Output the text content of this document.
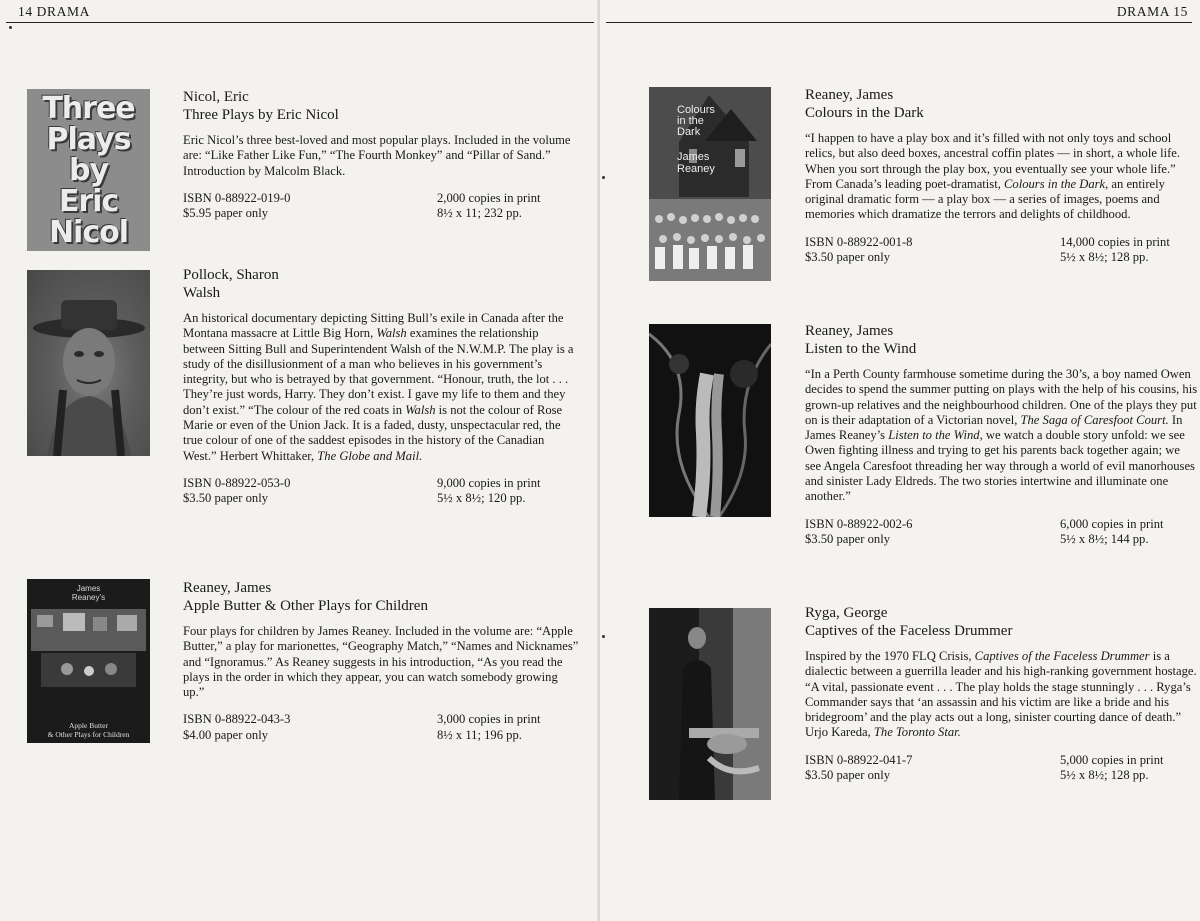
14 DRAMA
Three
Plays
by
Eric
Nicol

Nicol, Eric

Three Plays by Eric Nicol

Eric Nicol’s three best-loved and most popular plays. Included in the volume are: “Like Father Like Fun,” “The Fourth Monkey” and “Pillar of Sand.” Introduction by Malcolm Black.

ISBN 0-88922-019-0
$5.95 paper only
2,000 copies in print
8½ x 11; 232 pp.

Pollock, Sharon

Walsh

An historical documentary depicting Sitting Bull’s exile in Canada after the Montana massacre at Little Big Horn, Walsh examines the relationship between Sitting Bull and Superintendent Walsh of the N.W.M.P. The play is a study of the disillusionment of a man who believes in his government’s integrity, but who is betrayed by that government. “Honour, truth, the lot . . . They’re just words, Harry. They don’t exist. I gave my life to them and they don’t exist.” “The colour of the red coats in Walsh is not the colour of Rose Marie or even of the Union Jack. It is a faded, dusty, unspectacular red, the true colour of one of the saddest episodes in the history of the Canadian West.” Herbert Whittaker, The Globe and Mail.

ISBN 0-88922-053-0
$3.50 paper only
9,000 copies in print
5½ x 8½; 120 pp.
James
Reaney’s
Apple Butter
& Other Plays for Children

Reaney, James

Apple Butter & Other Plays for Children

Four plays for children by James Reaney. Included in the volume are: “Apple Butter,” a play for marionettes, “Geography Match,” “Names and Nicknames” and “Ignoramus.” As Reaney suggests in his introduction, “As you read the plays in the order in which they appear, you can watch somebody growing up.”

ISBN 0-88922-043-3
$4.00 paper only
3,000 copies in print
8½ x 11; 196 pp.
DRAMA 15
Colours
in the
Dark
James
Reaney

Reaney, James

Colours in the Dark

“I happen to have a play box and it’s filled with not only toys and school relics, but also deed boxes, ancestral coffin plates — in short, a whole life. When you sort through the play box, you eventually see your whole life.” From Canada’s leading poet-dramatist, Colours in the Dark, an entirely original dramatic form — a play box — a series of images, poems and memories which dramatize the terrors and delights of childhood.

ISBN 0-88922-001-8
$3.50 paper only
14,000 copies in print
5½ x 8½; 128 pp.

Reaney, James

Listen to the Wind

“In a Perth County farmhouse sometime during the 30’s, a boy named Owen decides to spend the summer putting on plays with the help of his cousins, his grown-up relatives and the neighbourhood children. One of the plays they put on is their adaptation of a Victorian novel, The Saga of Caresfoot Court. In James Reaney’s Listen to the Wind, we watch a double story unfold: we see Owen fighting illness and trying to get his parents back together again; we see Angela Caresfoot threading her way through a world of evil manorhouses and sinister Lady Eldreds. The two stories intertwine and illuminate one another.”

ISBN 0-88922-002-6
$3.50 paper only
6,000 copies in print
5½ x 8½; 144 pp.

Ryga, George

Captives of the Faceless Drummer

Inspired by the 1970 FLQ Crisis, Captives of the Faceless Drummer is a dialectic between a guerrilla leader and his high-ranking government hostage. “A vital, passionate event . . . The play holds the stage stunningly . . . Ryga’s Commander says that ‘an assassin and his victim are like a bride and his bridegroom’ and the play acts out a long, sinister courting dance of death.” Urjo Kareda, The Toronto Star.

ISBN 0-88922-041-7
$3.50 paper only
5,000 copies in print
5½ x 8½; 128 pp.
